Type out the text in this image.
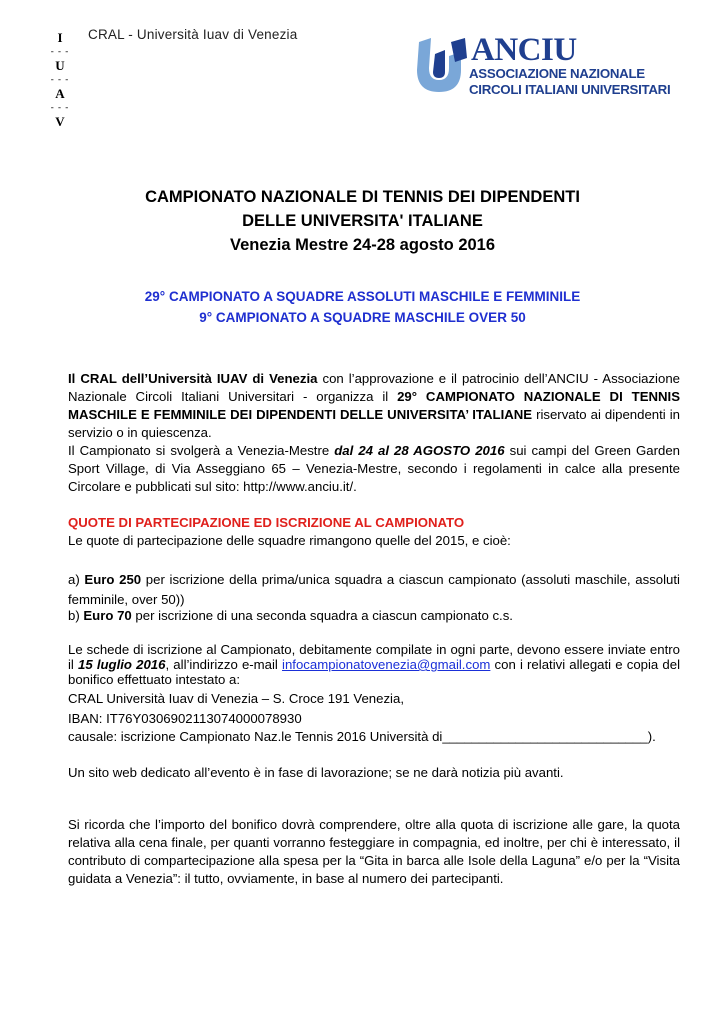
I
- - -
U
- - -
A
- - -
V
CRAL - Università Iuav di Venezia	ANCIU
ASSOCIAZIONE NAZIONALE
CIRCOLI ITALIANI UNIVERSITARI
CAMPIONATO NAZIONALE DI TENNIS DEI DIPENDENTI
DELLE UNIVERSITA' ITALIANE
Venezia Mestre 24-28 agosto 2016
29° CAMPIONATO A SQUADRE ASSOLUTI MASCHILE E FEMMINILE
9° CAMPIONATO A SQUADRE MASCHILE OVER 50
Il CRAL dell’Università IUAV di Venezia con l’approvazione e il patrocinio dell’ANCIU - Associazione Nazionale Circoli Italiani Universitari - organizza il 29° CAMPIONATO NAZIONALE DI TENNIS MASCHILE E FEMMINILE DEI DIPENDENTI DELLE UNIVERSITA’ ITALIANE riservato ai dipendenti in servizio o in quiescenza.
Il Campionato si svolgerà a Venezia-Mestre dal 24 al 28 AGOSTO 2016 sui campi del Green Garden Sport Village, di Via Asseggiano 65 – Venezia-Mestre, secondo i regolamenti in calce alla presente Circolare e pubblicati sul sito: http://www.anciu.it/.
QUOTE DI PARTECIPAZIONE ED ISCRIZIONE AL CAMPIONATO
Le quote di partecipazione delle squadre rimangono quelle del 2015, e cioè:
a) Euro 250 per iscrizione della prima/unica squadra a ciascun campionato (assoluti maschile, assoluti femminile, over 50))
b) Euro 70 per iscrizione di una seconda squadra a ciascun campionato c.s.
Le schede di iscrizione al Campionato, debitamente compilate in ogni parte, devono essere inviate entro il 15 luglio 2016, all’indirizzo e-mail infocampionatovenezia@gmail.com con i relativi allegati e copia del bonifico effettuato intestato a:
CRAL Università Iuav di Venezia – S. Croce 191 Venezia,
IBAN: IT76Y0306902113074000078930
causale: iscrizione Campionato Naz.le Tennis 2016 Università di____________________________).
Un sito web dedicato all’evento è in fase di lavorazione; se ne darà notizia più avanti.
Si ricorda che l’importo del bonifico dovrà comprendere, oltre alla quota di iscrizione alle gare, la quota relativa alla cena finale, per quanti vorranno festeggiare in compagnia, ed inoltre, per chi è interessato, il contributo di compartecipazione alla spesa per la “Gita in barca alle Isole della Laguna” e/o per la “Visita guidata a Venezia”: il tutto, ovviamente, in base al numero dei partecipanti.
